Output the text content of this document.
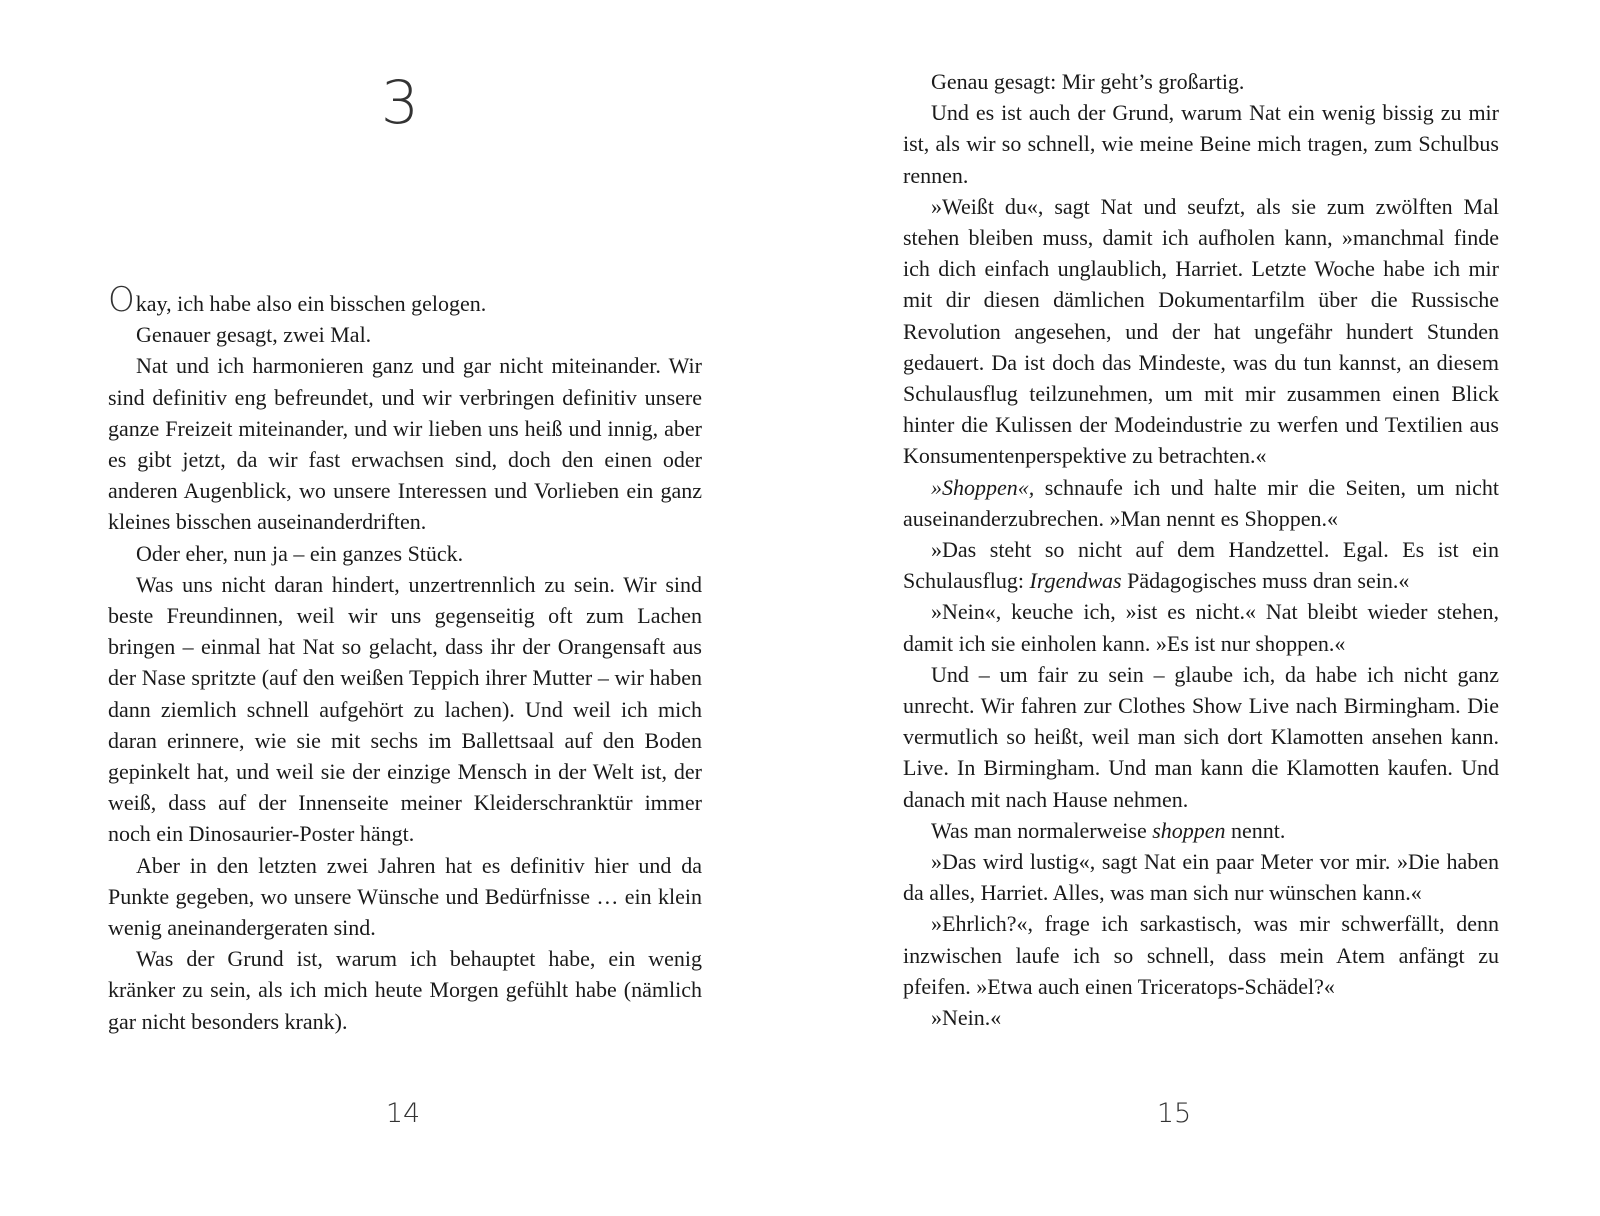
3

Okay, ich habe also ein bisschen gelogen.

Genauer gesagt, zwei Mal.

Nat und ich harmonieren ganz und gar nicht miteinander. Wir sind definitiv eng befreundet, und wir verbringen definitiv unsere ganze Freizeit miteinander, und wir lieben uns heiß und innig, aber es gibt jetzt, da wir fast erwachsen sind, doch den einen oder anderen Augenblick, wo unsere Interessen und Vorlieben ein ganz kleines bisschen auseinanderdriften.

Oder eher, nun ja – ein ganzes Stück.

Was uns nicht daran hindert, unzertrennlich zu sein. Wir sind beste Freundinnen, weil wir uns gegenseitig oft zum Lachen bringen – einmal hat Nat so gelacht, dass ihr der Orangensaft aus der Nase spritzte (auf den weißen Teppich ihrer Mutter – wir haben dann ziemlich schnell aufgehört zu lachen). Und weil ich mich daran erinnere, wie sie mit sechs im Ballettsaal auf den Boden gepinkelt hat, und weil sie der einzige Mensch in der Welt ist, der weiß, dass auf der Innenseite meiner Kleiderschranktür immer noch ein Dinosaurier-Poster hängt.

Aber in den letzten zwei Jahren hat es definitiv hier und da Punkte gegeben, wo unsere Wünsche und Bedürfnisse … ein klein wenig aneinandergeraten sind.

Was der Grund ist, warum ich behauptet habe, ein wenig kränker zu sein, als ich mich heute Morgen gefühlt habe (nämlich gar nicht besonders krank).

14

Genau gesagt: Mir geht’s großartig.

Und es ist auch der Grund, warum Nat ein wenig bissig zu mir ist, als wir so schnell, wie meine Beine mich tragen, zum Schulbus rennen.

»Weißt du«, sagt Nat und seufzt, als sie zum zwölften Mal stehen bleiben muss, damit ich aufholen kann, »manchmal finde ich dich einfach unglaublich, Harriet. Letzte Woche habe ich mir mit dir diesen dämlichen Dokumentarfilm über die Russische Revolution angesehen, und der hat ungefähr hundert Stunden gedauert. Da ist doch das Mindeste, was du tun kannst, an diesem Schulausflug teilzunehmen, um mit mir zusammen einen Blick hinter die Kulissen der Modeindustrie zu werfen und Textilien aus Konsumentenperspektive zu betrachten.«

»Shoppen«, schnaufe ich und halte mir die Seiten, um nicht auseinanderzubrechen. »Man nennt es Shoppen.«

»Das steht so nicht auf dem Handzettel. Egal. Es ist ein Schulausflug: Irgendwas Pädagogisches muss dran sein.«

»Nein«, keuche ich, »ist es nicht.« Nat bleibt wieder stehen, damit ich sie einholen kann. »Es ist nur shoppen.«

Und – um fair zu sein – glaube ich, da habe ich nicht ganz unrecht. Wir fahren zur Clothes Show Live nach Birmingham. Die vermutlich so heißt, weil man sich dort Klamotten ansehen kann. Live. In Birmingham. Und man kann die Klamotten kaufen. Und danach mit nach Hause nehmen.

Was man normalerweise shoppen nennt.

»Das wird lustig«, sagt Nat ein paar Meter vor mir. »Die haben da alles, Harriet. Alles, was man sich nur wünschen kann.«

»Ehrlich?«, frage ich sarkastisch, was mir schwerfällt, denn inzwischen laufe ich so schnell, dass mein Atem anfängt zu pfeifen. »Etwa auch einen Triceratops-Schädel?«

»Nein.«

15
